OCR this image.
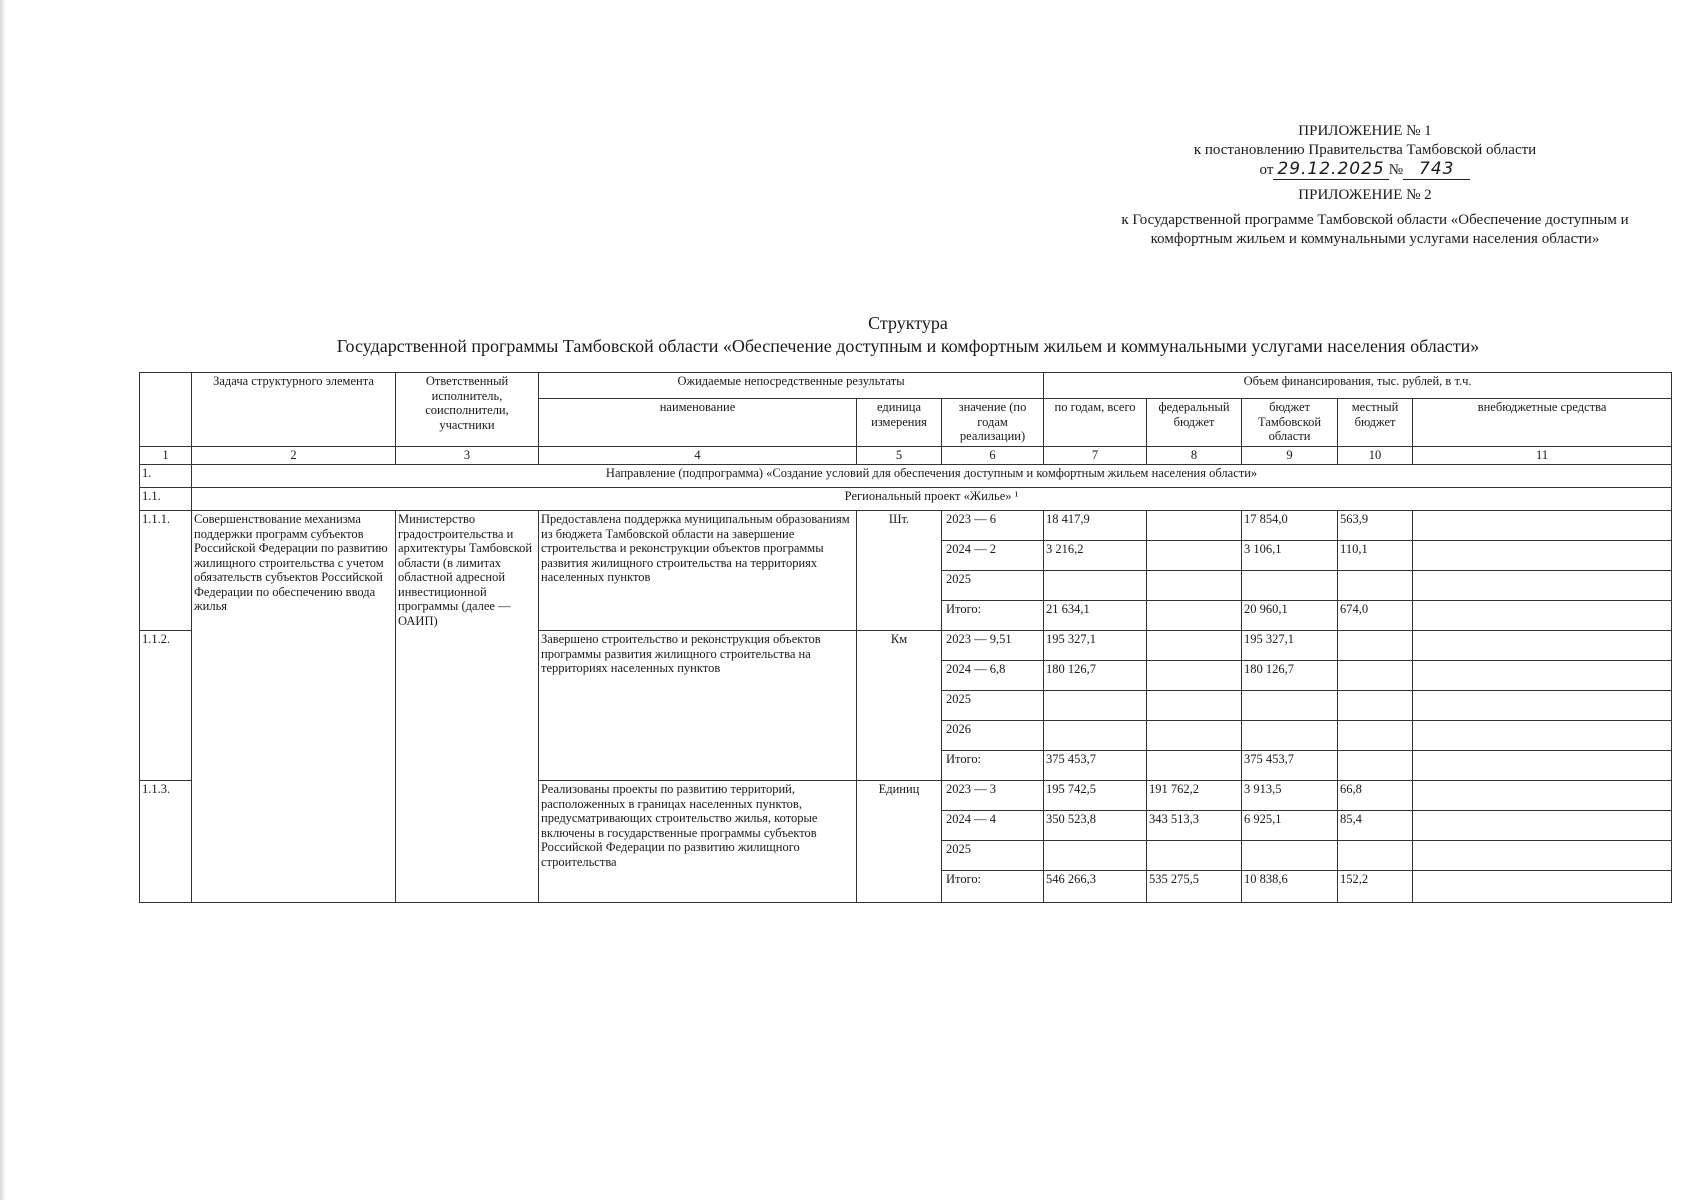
ПРИЛОЖЕНИЕ № 1
к постановлению Правительства Тамбовской области
от 29.12.2025 № 743
ПРИЛОЖЕНИЕ № 2
к Государственной программе Тамбовской области «Обеспечение доступным и
комфортным жильем и коммунальными услугами населения области»
Структура
Государственной программы Тамбовской области «Обеспечение доступным и комфортным жильем и коммунальными услугами населения области»
	Задача структурного элемента	Ответственный исполнитель, соисполнители, участники	Ожидаемые непосредственные результаты			Объем финансирования, тыс. рублей, в т.ч.				
			наименование	единица измерения	значение (по годам реализации)	по годам, всего	федеральный бюджет	бюджет Тамбовской области	местный бюджет	внебюджетные средства
1	2	3	4	5	6	7	8	9	10	11
1.	Направление (подпрограмма) «Создание условий для обеспечения доступным и комфортным жильем населения области»									
1.1.	Региональный проект «Жилье» ¹									
1.1.1.	Совершенствование механизма поддержки программ субъектов Российской Федерации по развитию жилищного строительства с учетом обязательств субъектов Российской Федерации по обеспечению ввода жилья	Министерство градостроительства и архитектуры Тамбовской области (в лимитах областной адресной инвестиционной программы (далее — ОАИП)	Предоставлена поддержка муниципальным образованиям из бюджета Тамбовской области на завершение строительства и реконструкции объектов программы развития жилищного строительства на территориях населенных пунктов	Шт.	2023 — 6	18 417,9		17 854,0	563,9	
					2024 — 2	3 216,2		3 106,1	110,1	
					2025					
					Итого:	21 634,1		20 960,1	674,0	
1.1.2.			Завершено строительство и реконструкция объектов программы развития жилищного строительства на территориях населенных пунктов	Км	2023 — 9,51	195 327,1		195 327,1		
					2024 — 6,8	180 126,7		180 126,7		
					2025					
					2026					
					Итого:	375 453,7		375 453,7		
1.1.3.			Реализованы проекты по развитию территорий, расположенных в границах населенных пунктов, предусматривающих строительство жилья, которые включены в государственные программы субъектов Российской Федерации по развитию жилищного строительства	Единиц	2023 — 3	195 742,5	191 762,2	3 913,5	66,8	
					2024 — 4	350 523,8	343 513,3	6 925,1	85,4	
					2025					
					Итого:	546 266,3	535 275,5	10 838,6	152,2	
